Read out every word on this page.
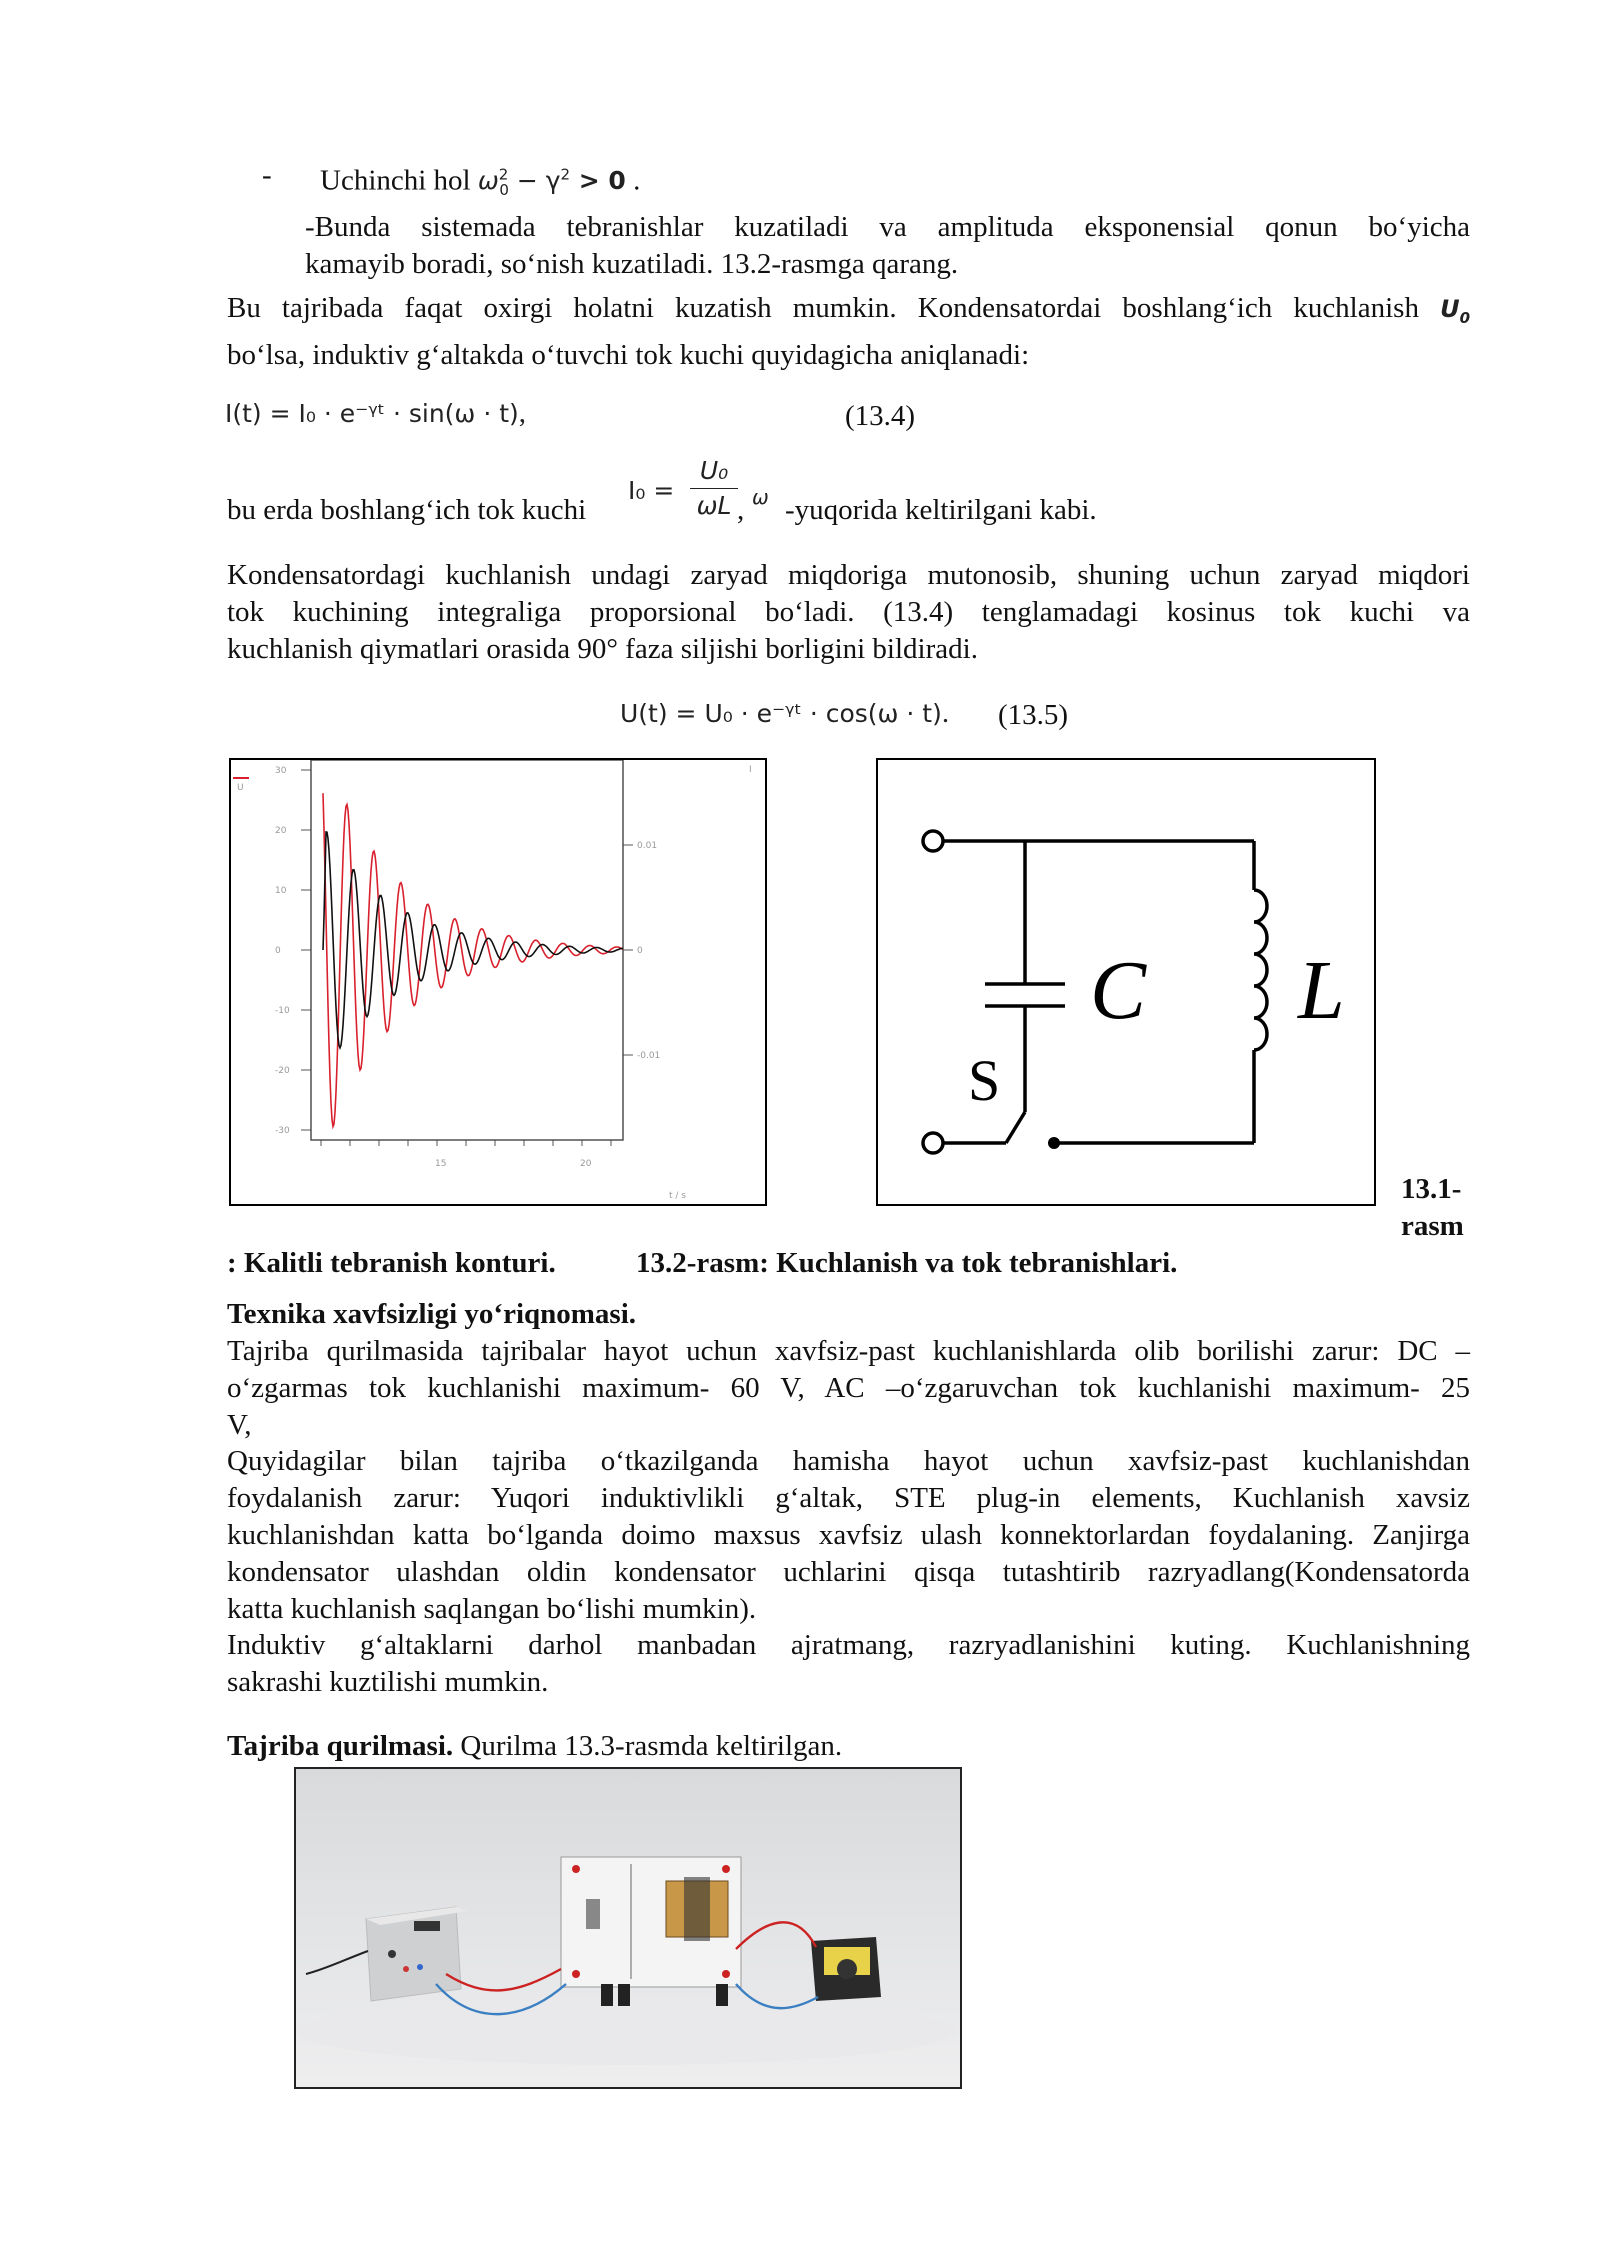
- Uchinchi hol $\omega^2_0 - \gamma^2 > 0$ .
-Bunda sistemada tebranishlar kuzatiladi va amplituda eksponensial qonun bo‘yicha
kamayib boradi, so‘nish kuzatiladi. 13.2-rasmga qarang.
Bu tajribada faqat oxirgi holatni kuzatish mumkin. Kondensatordai boshlang‘ich kuchlanish $U_0$
bo‘lsa, induktiv g‘altakda o‘tuvchi tok kuchi quyidagicha aniqlanadi:
I(t) = I₀ · e⁻ᵞᵗ · sin(ω · t),	(13.4)
bu erda boshlang‘ich tok kuchi
I₀ =
U₀
ωL , ω -yuqorida keltirilgani kabi.
Kondensatordagi kuchlanish undagi zaryad miqdoriga mutonosib, shuning uchun zaryad miqdori
tok kuchining integraliga proporsional bo‘ladi. (13.4) tenglamadagi kosinus tok kuchi va
kuchlanish qiymatlari orasida 90° faza siljishi borligini bildiradi.
U(t) = U₀ · e⁻ᵞᵗ · cos(ω · t). (13.5)
30
20
10
0
-10
-20
-30
0.01
0
-0.01
15	20
U
I
t / s
C L
S
13.1-
rasm
: Kalitli tebranish konturi.	13.2-rasm: Kuchlanish va tok tebranishlari.
Texnika xavfsizligi yo‘riqnomasi.
Tajriba qurilmasida tajribalar hayot uchun xavfsiz-past kuchlanishlarda olib borilishi zarur: DC –
o‘zgarmas tok kuchlanishi maximum- 60 V, AC –o‘zgaruvchan tok kuchlanishi maximum- 25
V,
Quyidagilar bilan tajriba o‘tkazilganda hamisha hayot uchun xavfsiz-past kuchlanishdan
foydalanish zarur: Yuqori induktivlikli g‘altak, STE plug-in elements, Kuchlanish xavsiz
kuchlanishdan katta bo‘lganda doimo maxsus xavfsiz ulash konnektorlardan foydalaning. Zanjirga
kondensator ulashdan oldin kondensator uchlarini qisqa tutashtirib razryadlang(Kondensatorda
katta kuchlanish saqlangan bo‘lishi mumkin).
Induktiv g‘altaklarni darhol manbadan ajratmang, razryadlanishini kuting. Kuchlanishning
sakrashi kuztilishi mumkin.
Tajriba qurilmasi. Qurilma 13.3-rasmda keltirilgan.
